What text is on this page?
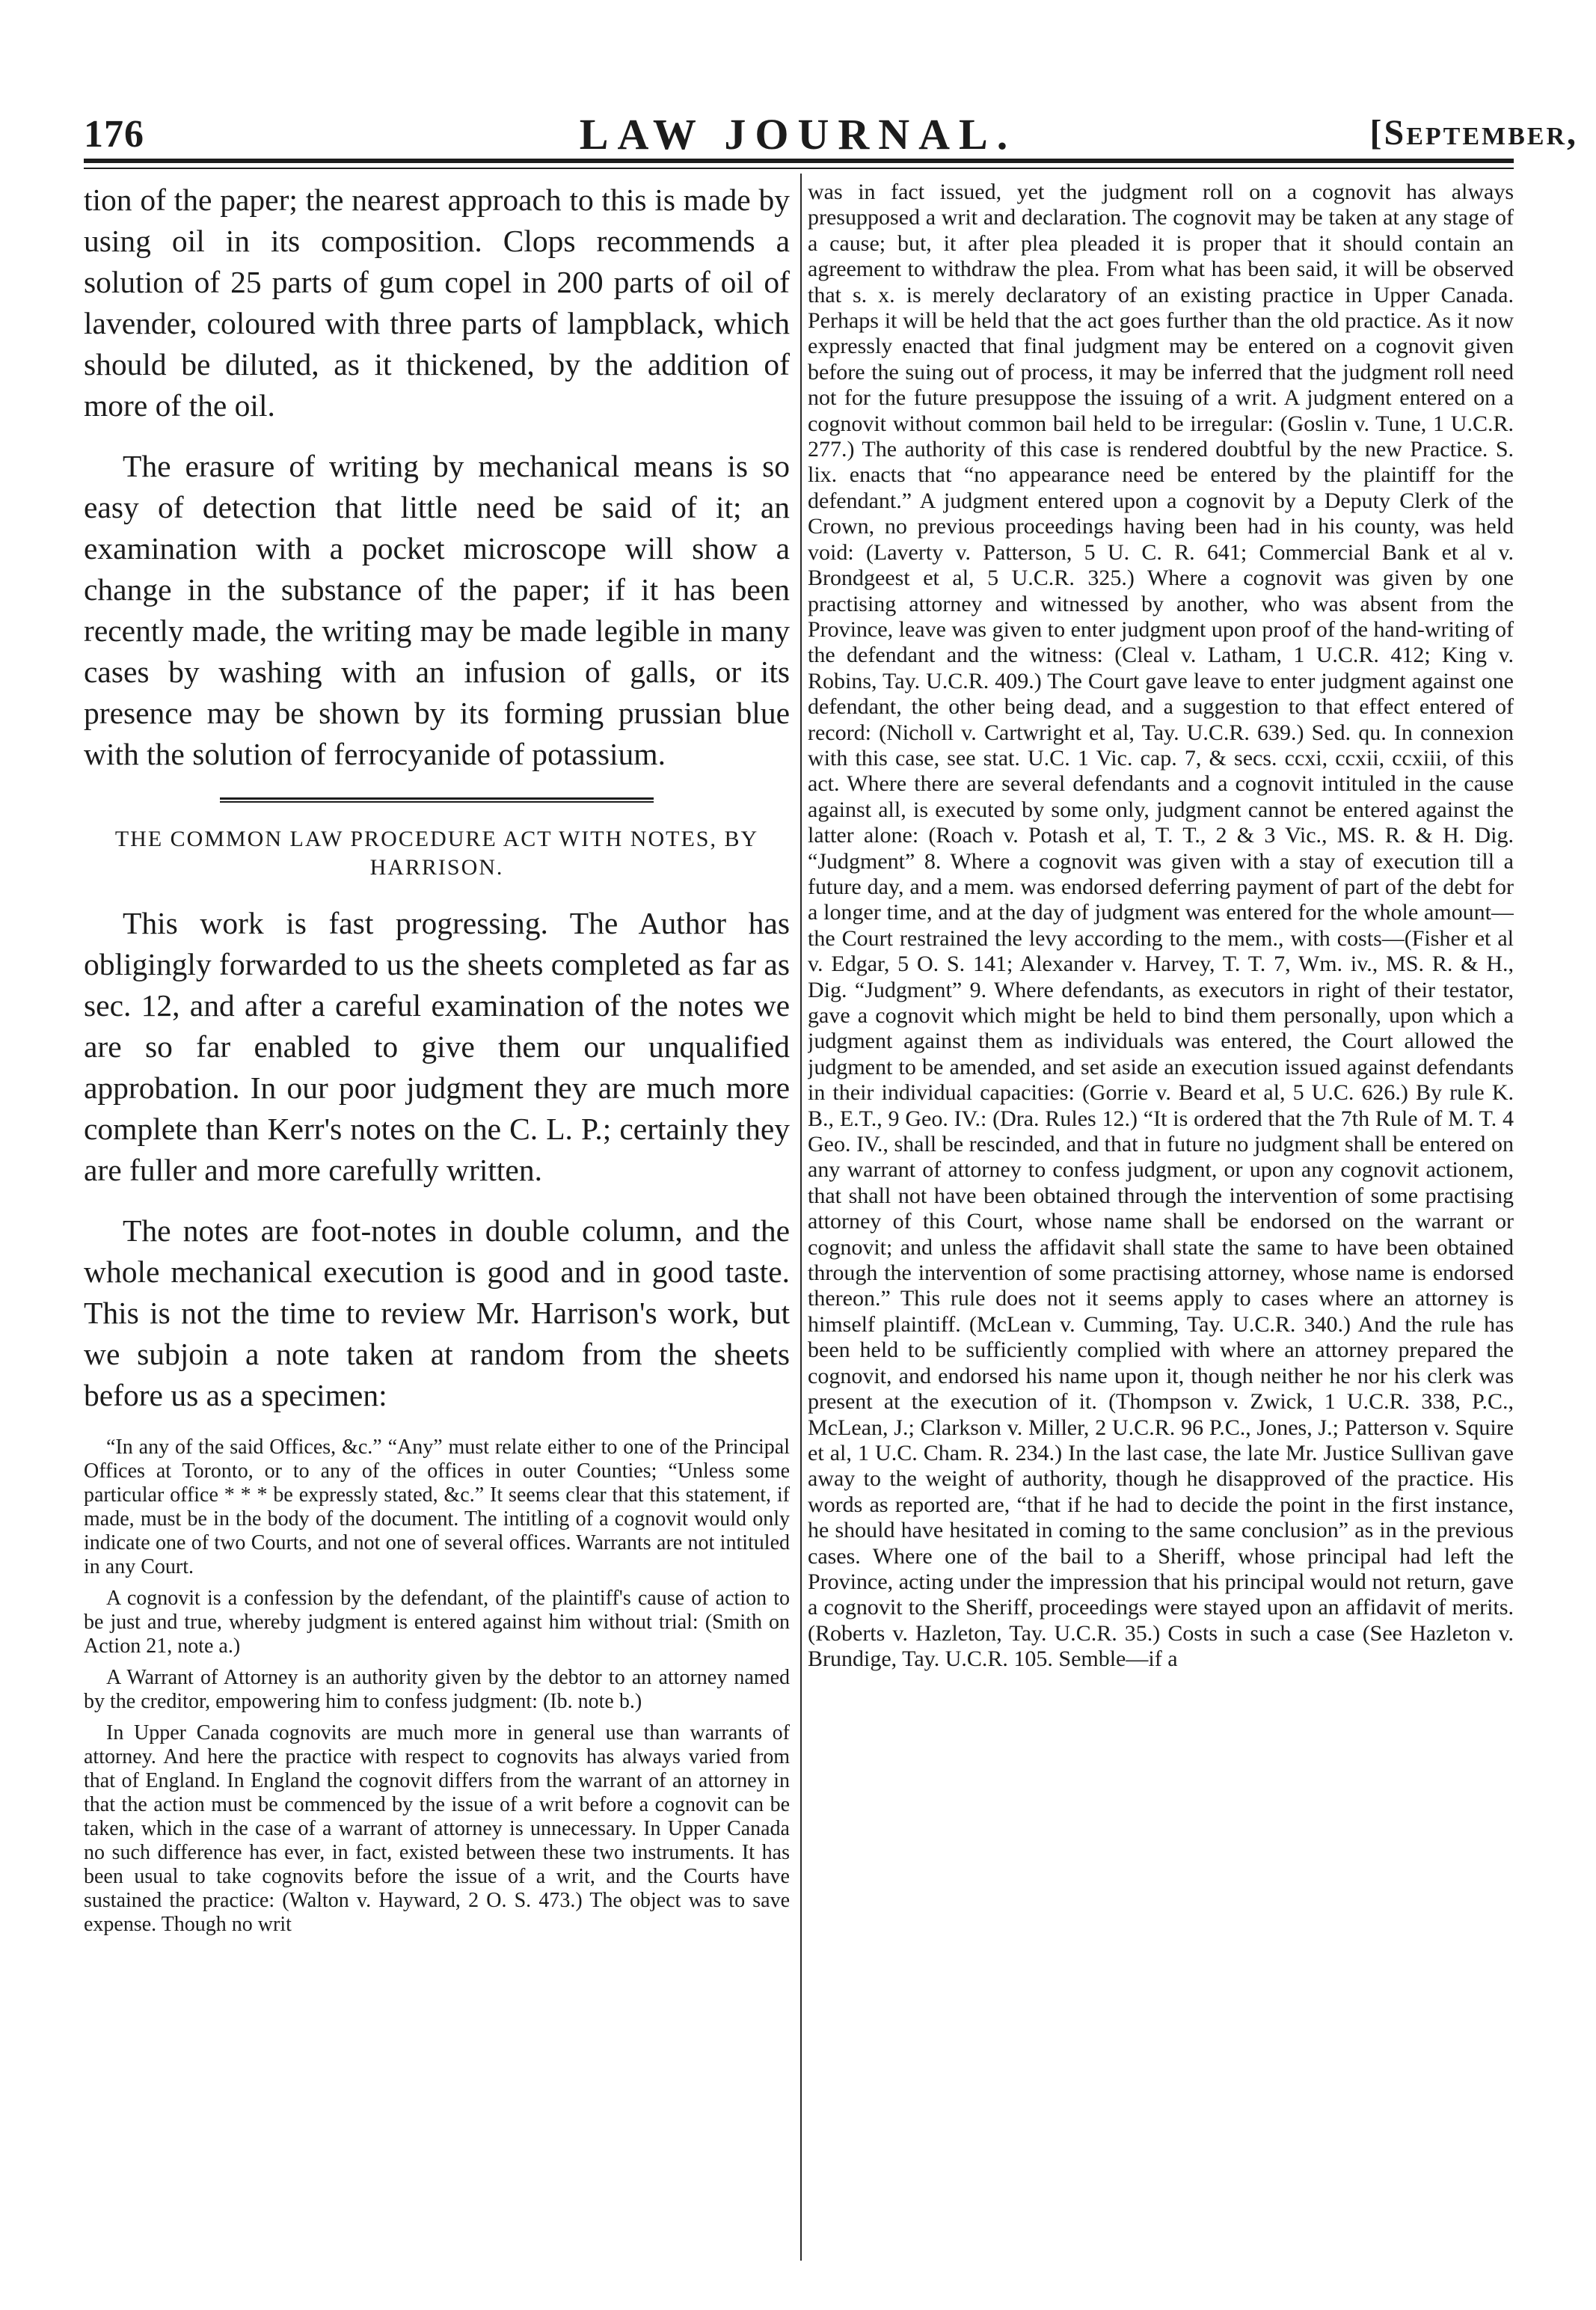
176	LAW JOURNAL.	[September,

tion of the paper; the nearest approach to this is made by using oil in its composition. Clops recommends a solution of 25 parts of gum copel in 200 parts of oil of lavender, coloured with three parts of lampblack, which should be diluted, as it thickened, by the addition of more of the oil.

The erasure of writing by mechanical means is so easy of detection that little need be said of it; an examination with a pocket microscope will show a change in the substance of the paper; if it has been recently made, the writing may be made legible in many cases by washing with an infusion of galls, or its presence may be shown by its forming prussian blue with the solution of ferrocyanide of potassium.

THE COMMON LAW PROCEDURE ACT WITH NOTES, BY HARRISON.

This work is fast progressing. The Author has obligingly forwarded to us the sheets completed as far as sec. 12, and after a careful examination of the notes we are so far enabled to give them our unqualified approbation. In our poor judgment they are much more complete than Kerr's notes on the C. L. P.; certainly they are fuller and more carefully written.

The notes are foot-notes in double column, and the whole mechanical execution is good and in good taste. This is not the time to review Mr. Harrison's work, but we subjoin a note taken at random from the sheets before us as a specimen:

“In any of the said Offices, &c.” “Any” must relate either to one of the Principal Offices at Toronto, or to any of the offices in outer Counties; “Unless some particular office * * * be expressly stated, &c.” It seems clear that this statement, if made, must be in the body of the document. The intitling of a cognovit would only indicate one of two Courts, and not one of several offices. Warrants are not intituled in any Court.

A cognovit is a confession by the defendant, of the plaintiff's cause of action to be just and true, whereby judgment is entered against him without trial: (Smith on Action 21, note a.)

A Warrant of Attorney is an authority given by the debtor to an attorney named by the creditor, empowering him to confess judgment: (Ib. note b.)

In Upper Canada cognovits are much more in general use than warrants of attorney. And here the practice with respect to cognovits has always varied from that of England. In England the cognovit differs from the warrant of an attorney in that the action must be commenced by the issue of a writ before a cognovit can be taken, which in the case of a warrant of attorney is unnecessary. In Upper Canada no such difference has ever, in fact, existed between these two instruments. It has been usual to take cognovits before the issue of a writ, and the Courts have sustained the practice: (Walton v. Hayward, 2 O. S. 473.) The object was to save expense. Though no writ

was in fact issued, yet the judgment roll on a cognovit has always presupposed a writ and declaration. The cognovit may be taken at any stage of a cause; but, it after plea pleaded it is proper that it should contain an agreement to withdraw the plea. From what has been said, it will be observed that s. x. is merely declaratory of an existing practice in Upper Canada. Perhaps it will be held that the act goes further than the old practice. As it now expressly enacted that final judgment may be entered on a cognovit given before the suing out of process, it may be inferred that the judgment roll need not for the future presuppose the issuing of a writ. A judgment entered on a cognovit without common bail held to be irregular: (Goslin v. Tune, 1 U.C.R. 277.) The authority of this case is rendered doubtful by the new Practice. S. lix. enacts that “no appearance need be entered by the plaintiff for the defendant.” A judgment entered upon a cognovit by a Deputy Clerk of the Crown, no previous proceedings having been had in his county, was held void: (Laverty v. Patterson, 5 U. C. R. 641; Commercial Bank et al v. Brondgeest et al, 5 U.C.R. 325.) Where a cognovit was given by one practising attorney and witnessed by another, who was absent from the Province, leave was given to enter judgment upon proof of the hand-writing of the defendant and the witness: (Cleal v. Latham, 1 U.C.R. 412; King v. Robins, Tay. U.C.R. 409.) The Court gave leave to enter judgment against one defendant, the other being dead, and a suggestion to that effect entered of record: (Nicholl v. Cartwright et al, Tay. U.C.R. 639.) Sed. qu. In connexion with this case, see stat. U.C. 1 Vic. cap. 7, & secs. ccxi, ccxii, ccxiii, of this act. Where there are several defendants and a cognovit intituled in the cause against all, is executed by some only, judgment cannot be entered against the latter alone: (Roach v. Potash et al, T. T., 2 & 3 Vic., MS. R. & H. Dig. “Judgment” 8. Where a cognovit was given with a stay of execution till a future day, and a mem. was endorsed deferring payment of part of the debt for a longer time, and at the day of judgment was entered for the whole amount—the Court restrained the levy according to the mem., with costs—(Fisher et al v. Edgar, 5 O. S. 141; Alexander v. Harvey, T. T. 7, Wm. iv., MS. R. & H., Dig. “Judgment” 9. Where defendants, as executors in right of their testator, gave a cognovit which might be held to bind them personally, upon which a judgment against them as individuals was entered, the Court allowed the judgment to be amended, and set aside an execution issued against defendants in their individual capacities: (Gorrie v. Beard et al, 5 U.C. 626.) By rule K. B., E.T., 9 Geo. IV.: (Dra. Rules 12.) “It is ordered that the 7th Rule of M. T. 4 Geo. IV., shall be rescinded, and that in future no judgment shall be entered on any warrant of attorney to confess judgment, or upon any cognovit actionem, that shall not have been obtained through the intervention of some practising attorney of this Court, whose name shall be endorsed on the warrant or cognovit; and unless the affidavit shall state the same to have been obtained through the intervention of some practising attorney, whose name is endorsed thereon.” This rule does not it seems apply to cases where an attorney is himself plaintiff. (McLean v. Cumming, Tay. U.C.R. 340.) And the rule has been held to be sufficiently complied with where an attorney prepared the cognovit, and endorsed his name upon it, though neither he nor his clerk was present at the execution of it. (Thompson v. Zwick, 1 U.C.R. 338, P.C., McLean, J.; Clarkson v. Miller, 2 U.C.R. 96 P.C., Jones, J.; Patterson v. Squire et al, 1 U.C. Cham. R. 234.) In the last case, the late Mr. Justice Sullivan gave away to the weight of authority, though he disapproved of the practice. His words as reported are, “that if he had to decide the point in the first instance, he should have hesitated in coming to the same conclusion” as in the previous cases. Where one of the bail to a Sheriff, whose principal had left the Province, acting under the impression that his principal would not return, gave a cognovit to the Sheriff, proceedings were stayed upon an affidavit of merits. (Roberts v. Hazleton, Tay. U.C.R. 35.) Costs in such a case (See Hazleton v. Brundige, Tay. U.C.R. 105. Semble—if a
